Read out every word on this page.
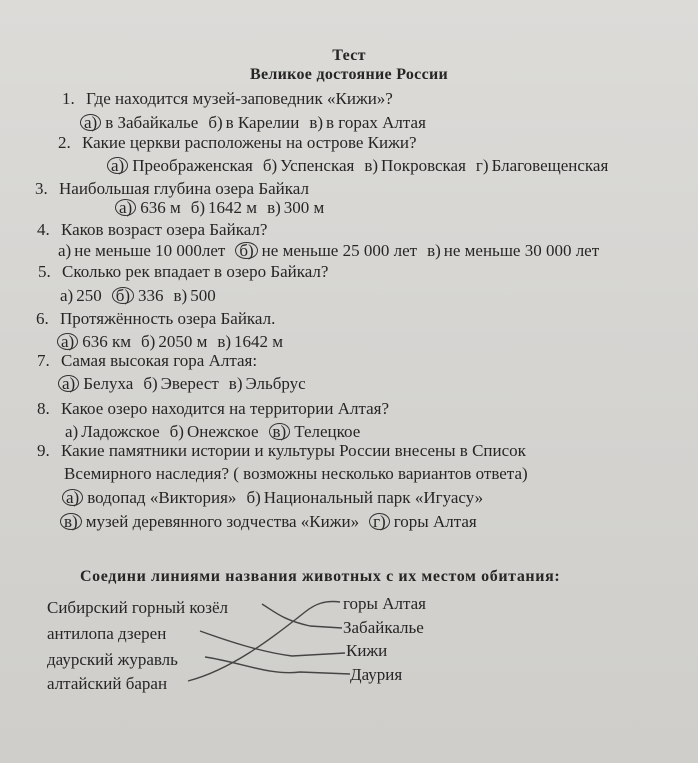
Тест
Великое достояние России
1. Где находится музей-заповедник «Кижи»?
а) в Забайкалье б) в Карелии в) в горах Алтая
2. Какие церкви расположены на острове Кижи?
а) Преображенская б) Успенская в) Покровская г) Благовещенская
3. Наибольшая глубина озера Байкал
а) 636 м б) 1642 м в) 300 м
4. Каков возраст озера Байкал?
а) не меньше 10 000лет б) не меньше 25 000 лет в) не меньше 30 000 лет
5. Сколько рек впадает в озеро Байкал?
а) 250 б) 336 в) 500
6. Протяжённость озера Байкал.
а) 636 км б) 2050 м в) 1642 м
7. Самая высокая гора Алтая:
а) Белуха б) Эверест в) Эльбрус
8. Какое озеро находится на территории Алтая?
а) Ладожское б) Онежское в) Телецкое
9. Какие памятники истории и культуры России внесены в Список
Всемирного наследия? ( возможны несколько вариантов ответа)
а) водопад «Виктория» б) Национальный парк «Игуасу»
в) музей деревянного зодчества «Кижи» г) горы Алтая
Соедини линиями названия животных с их местом обитания:
Сибирский горный козёл
антилопа дзерен
даурский журавль
алтайский баран
горы Алтая
Забайкалье
Кижи
Даурия
